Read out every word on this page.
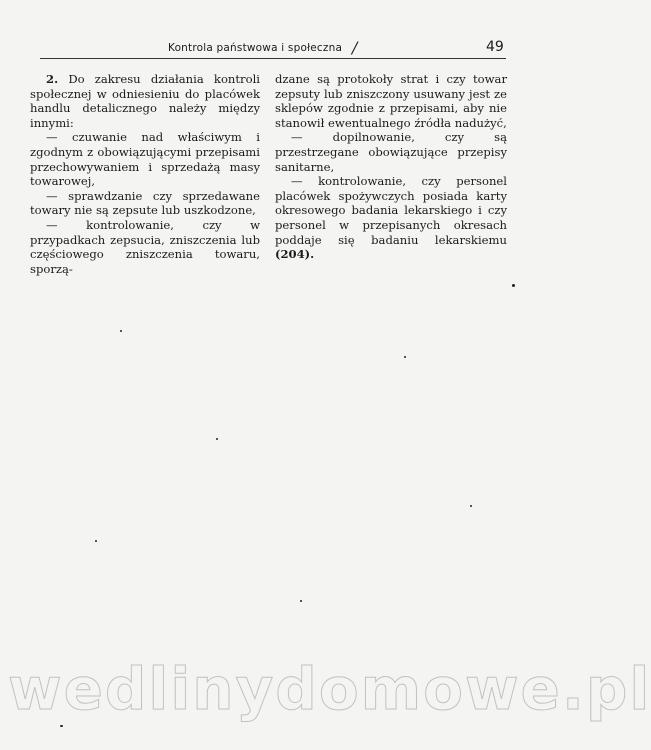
Kontrola państwowa i społeczna /	49

2. Do zakresu działania kontroli społecznej w odniesieniu do placówek handlu detalicznego należy między innymi:

— czuwanie nad właściwym i zgodnym z obowiązującymi przepisami przechowywaniem i sprzedażą masy towarowej,

— sprawdzanie czy sprzedawane towary nie są zepsute lub uszkodzone,

— kontrolowanie, czy w przypadkach zepsucia, zniszczenia lub częściowego zniszczenia towaru, sporzą-

dzane są protokoły strat i czy towar zepsuty lub zniszczony usuwany jest ze sklepów zgodnie z przepisami, aby nie stanowił ewentualnego źródła nadużyć,

— dopilnowanie, czy są przestrzegane obowiązujące przepisy sanitarne,

— kontrolowanie, czy personel placówek spożywczych posiada karty okresowego badania lekarskiego i czy personel w przepisanych okresach poddaje się badaniu lekarskiemu (204).

wedlinydomowe.pl
